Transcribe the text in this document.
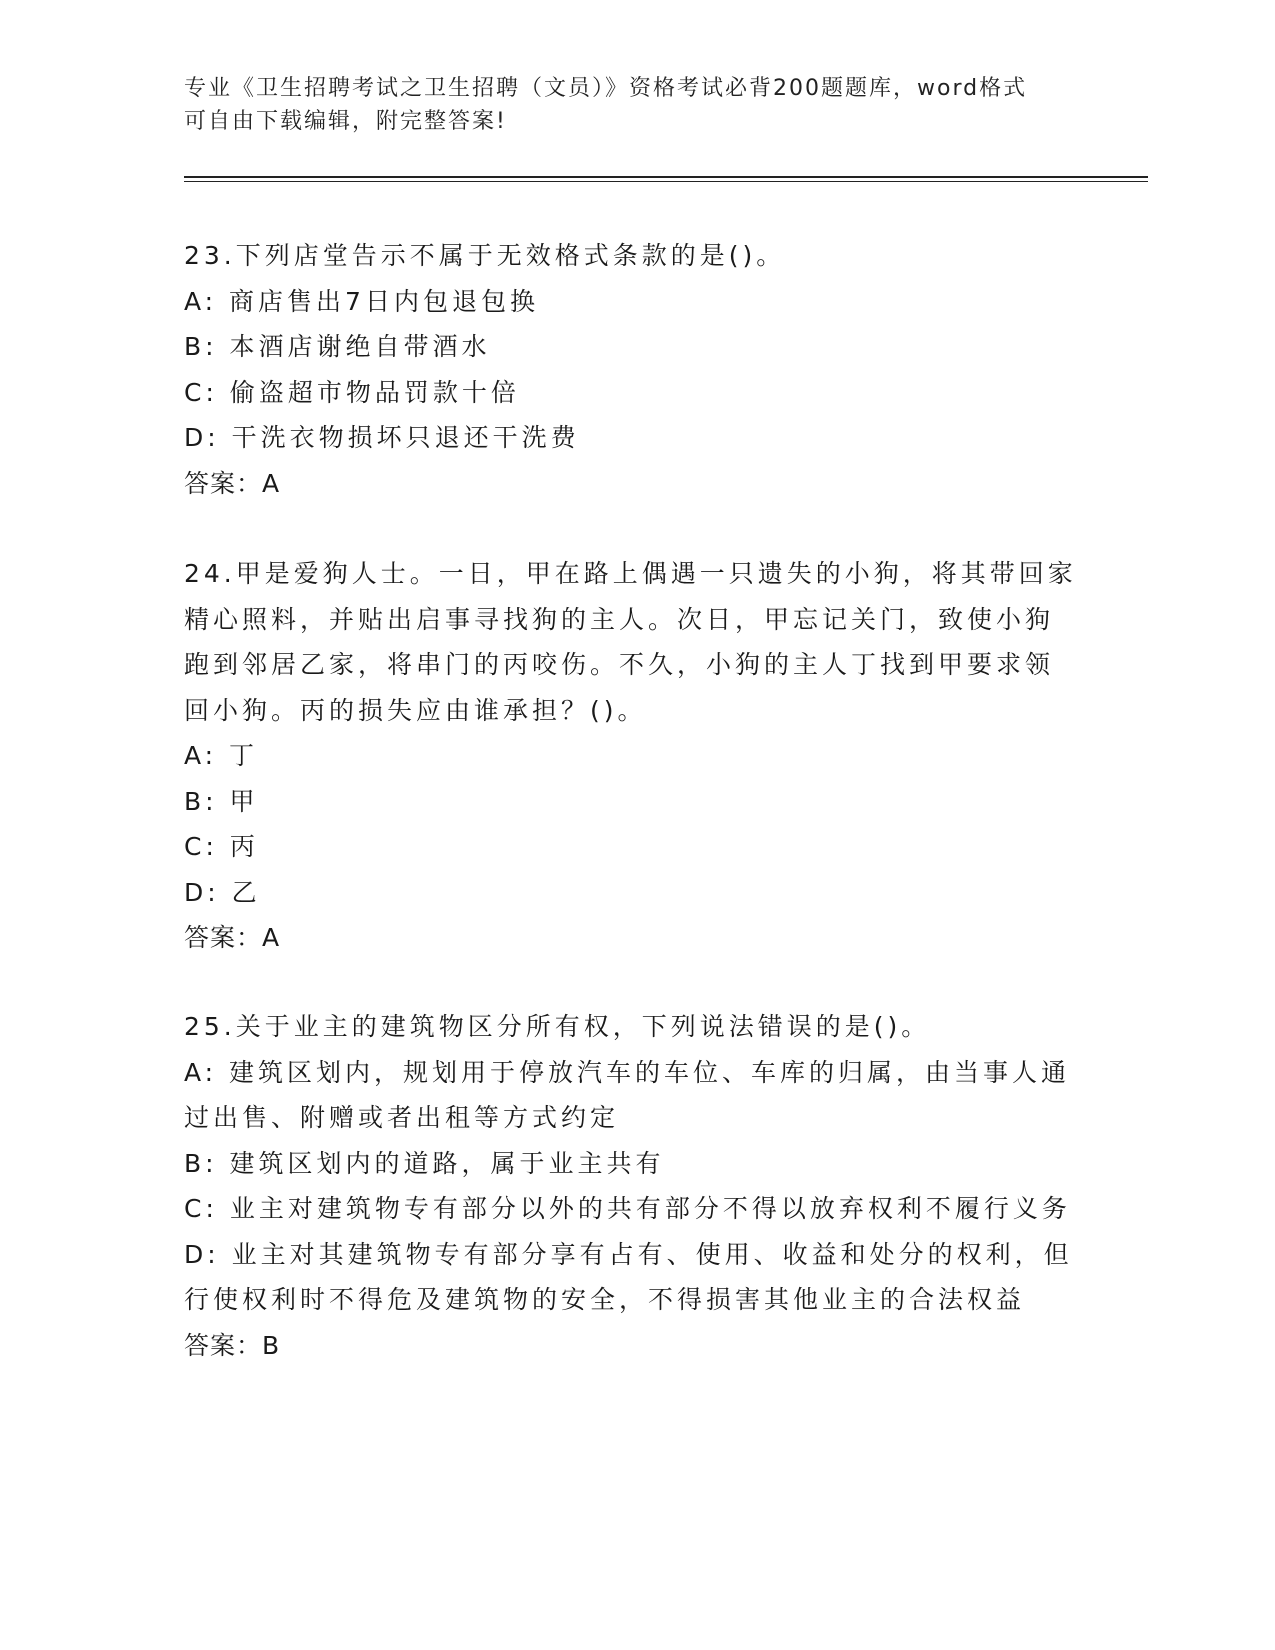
专业《卫生招聘考试之卫生招聘（文员）》资格考试必背200题题库，word格式
可自由下载编辑，附完整答案!
23.下列店堂告示不属于无效格式条款的是()。
A: 商店售出7日内包退包换
B: 本酒店谢绝自带酒水
C: 偷盗超市物品罚款十倍
D: 干洗衣物损坏只退还干洗费
答案：A
24.甲是爱狗人士。一日，甲在路上偶遇一只遗失的小狗，将其带回家
精心照料，并贴出启事寻找狗的主人。次日，甲忘记关门，致使小狗
跑到邻居乙家，将串门的丙咬伤。不久，小狗的主人丁找到甲要求领
回小狗。丙的损失应由谁承担？()。
A: 丁
B: 甲
C: 丙
D: 乙
答案：A
25.关于业主的建筑物区分所有权，下列说法错误的是()。
A: 建筑区划内，规划用于停放汽车的车位、车库的归属，由当事人通
过出售、附赠或者出租等方式约定
B: 建筑区划内的道路，属于业主共有
C: 业主对建筑物专有部分以外的共有部分不得以放弃权利不履行义务
D: 业主对其建筑物专有部分享有占有、使用、收益和处分的权利，但
行使权利时不得危及建筑物的安全，不得损害其他业主的合法权益
答案：B
